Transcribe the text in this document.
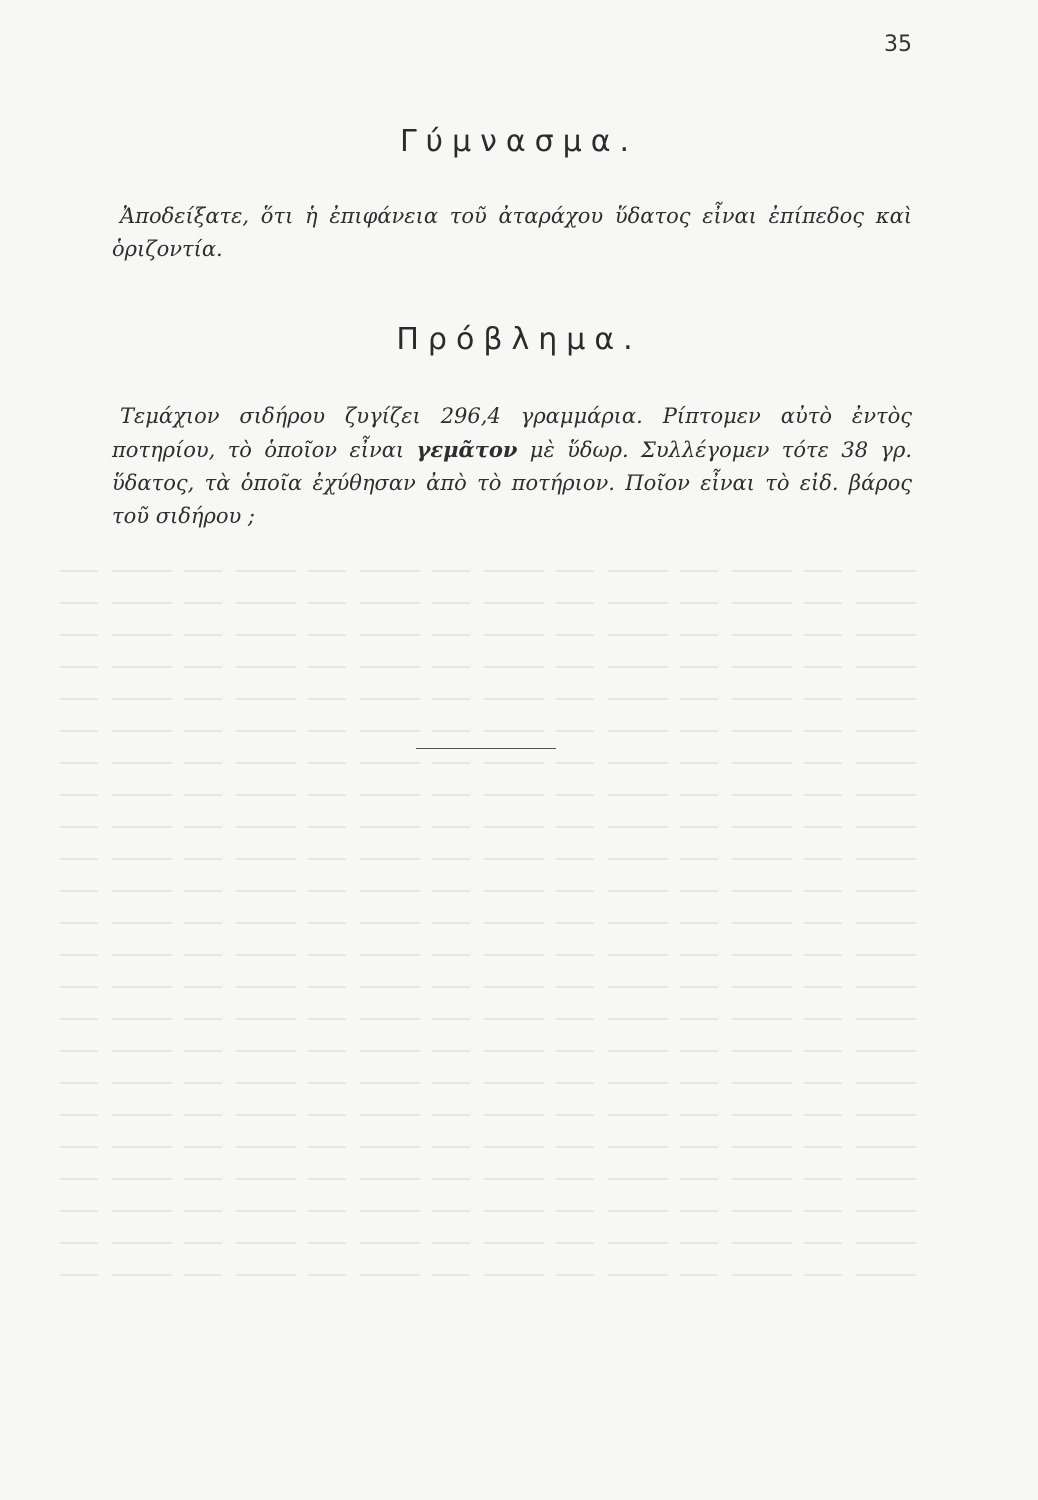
35
Γύμνασμα.
Ἀποδείξατε, ὅτι ἡ ἐπιφάνεια τοῦ ἀταράχου ὕδατος εἶναι ἐπίπεδος καὶ ὁριζοντία.
Πρόβλημα.
Τεμάχιον σιδήρου ζυγίζει 296,4 γραμμάρια. Ρίπτομεν αὐτὸ ἐντὸς ποτηρίου, τὸ ὁποῖον εἶναι γεμᾶτον μὲ ὕδωρ. Συλλέγομεν τότε 38 γρ. ὕδατος, τὰ ὁποῖα ἐχύθησαν ἀπὸ τὸ ποτήριον. Ποῖον εἶναι τὸ εἰδ. βάρος τοῦ σιδήρου ;
